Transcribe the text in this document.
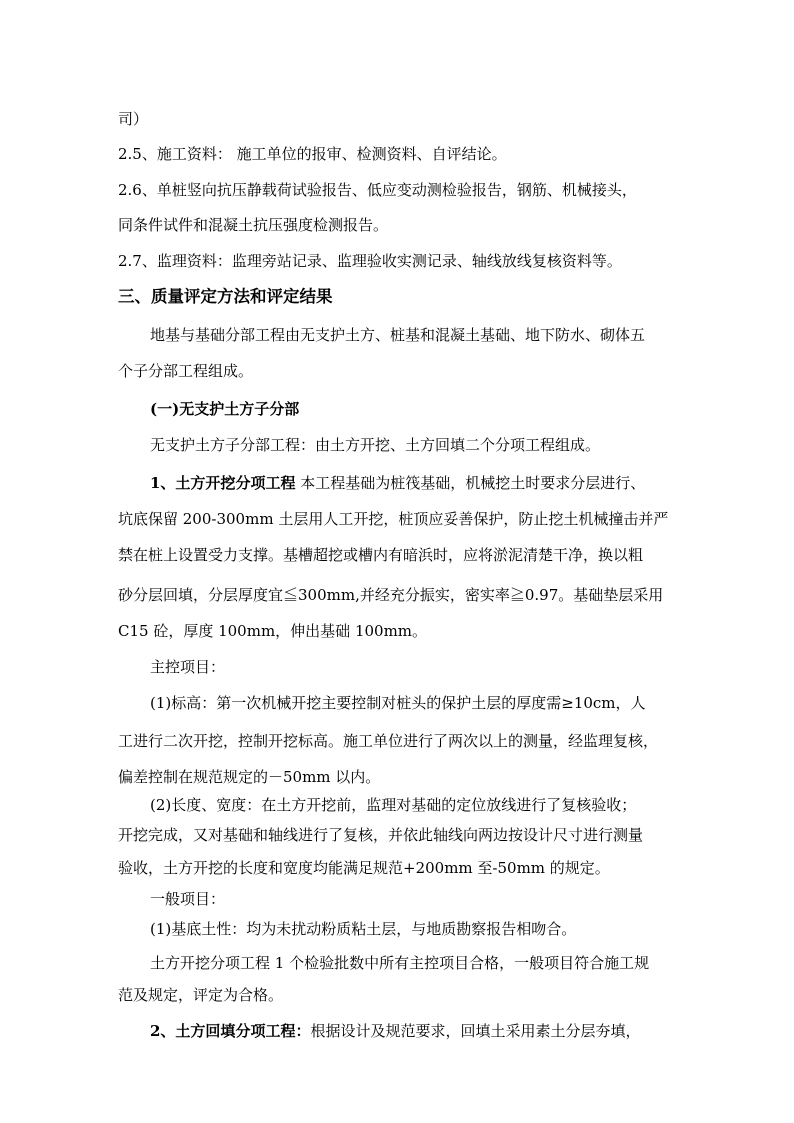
司）
2.5、施工资料： 施工单位的报审、检测资料、自评结论。
2.6、单桩竖向抗压静载荷试验报告、低应变动测检验报告，钢筋、机械接头，
同条件试件和混凝土抗压强度检测报告。
2.7、监理资料：监理旁站记录、监理验收实测记录、轴线放线复核资料等。
三、质量评定方法和评定结果
地基与基础分部工程由无支护土方、桩基和混凝土基础、地下防水、砌体五
个子分部工程组成。
(一)无支护土方子分部
无支护土方子分部工程：由土方开挖、土方回填二个分项工程组成。
1、土方开挖分项工程 本工程基础为桩筏基础，机械挖土时要求分层进行、
坑底保留 200-300mm 土层用人工开挖，桩顶应妥善保护，防止挖土机械撞击并严
禁在桩上设置受力支撑。基槽超挖或槽内有暗浜时，应将淤泥清楚干净，换以粗
砂分层回填，分层厚度宜≦300mm,并经充分振实，密实率≧0.97。基础垫层采用
C15 砼，厚度 100mm，伸出基础 100mm。
主控项目：
(1)标高：第一次机械开挖主要控制对桩头的保护土层的厚度需≥10cm，人
工进行二次开挖，控制开挖标高。施工单位进行了两次以上的测量，经监理复核，
偏差控制在规范规定的－50mm 以内。
(2)长度、宽度：在土方开挖前，监理对基础的定位放线进行了复核验收；
开挖完成，又对基础和轴线进行了复核，并依此轴线向两边按设计尺寸进行测量
验收，土方开挖的长度和宽度均能满足规范+200mm 至-50mm 的规定。
一般项目：
(1)基底土性：均为未扰动粉质粘土层，与地质勘察报告相吻合。
土方开挖分项工程 1 个检验批数中所有主控项目合格，一般项目符合施工规
范及规定，评定为合格。
2、土方回填分项工程：根据设计及规范要求，回填土采用素土分层夯填，
